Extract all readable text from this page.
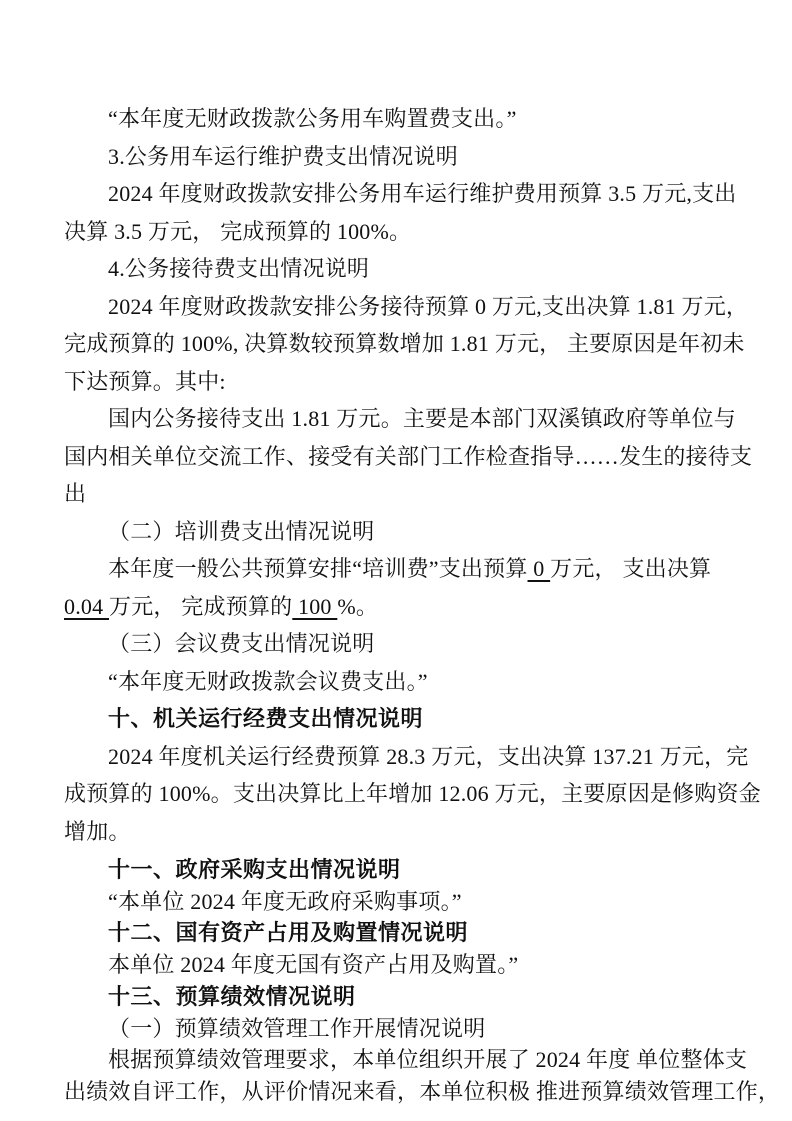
“本年度无财政拨款公务用车购置费支出。”
3.公务用车运行维护费支出情况说明
2024 年度财政拨款安排公务用车运行维护费用预算 3.5 万元,支出
决算 3.5 万元， 完成预算的 100%。
4.公务接待费支出情况说明
2024 年度财政拨款安排公务接待预算 0 万元,支出决算 1.81 万元，
完成预算的 100%, 决算数较预算数增加 1.81 万元， 主要原因是年初未
下达预算。其中:
国内公务接待支出 1.81 万元。主要是本部门双溪镇政府等单位与
国内相关单位交流工作、接受有关部门工作检查指导……发生的接待支
出
（二）培训费支出情况说明
本年度一般公共预算安排“培训费”支出预算 0 万元， 支出决算
0.04 万元， 完成预算的 100 %。
（三）会议费支出情况说明
“本年度无财政拨款会议费支出。”
十、机关运行经费支出情况说明
2024 年度机关运行经费预算 28.3 万元，支出决算 137.21 万元，完
成预算的 100%。支出决算比上年增加 12.06 万元，主要原因是修购资金
增加。
十一、政府采购支出情况说明
“本单位 2024 年度无政府采购事项。”
十二、国有资产占用及购置情况说明
本单位 2024 年度无国有资产占用及购置。”
十三、预算绩效情况说明
（一）预算绩效管理工作开展情况说明
根据预算绩效管理要求，本单位组织开展了 2024 年度 单位整体支
出绩效自评工作，从评价情况来看，本单位积极 推进预算绩效管理工作，
